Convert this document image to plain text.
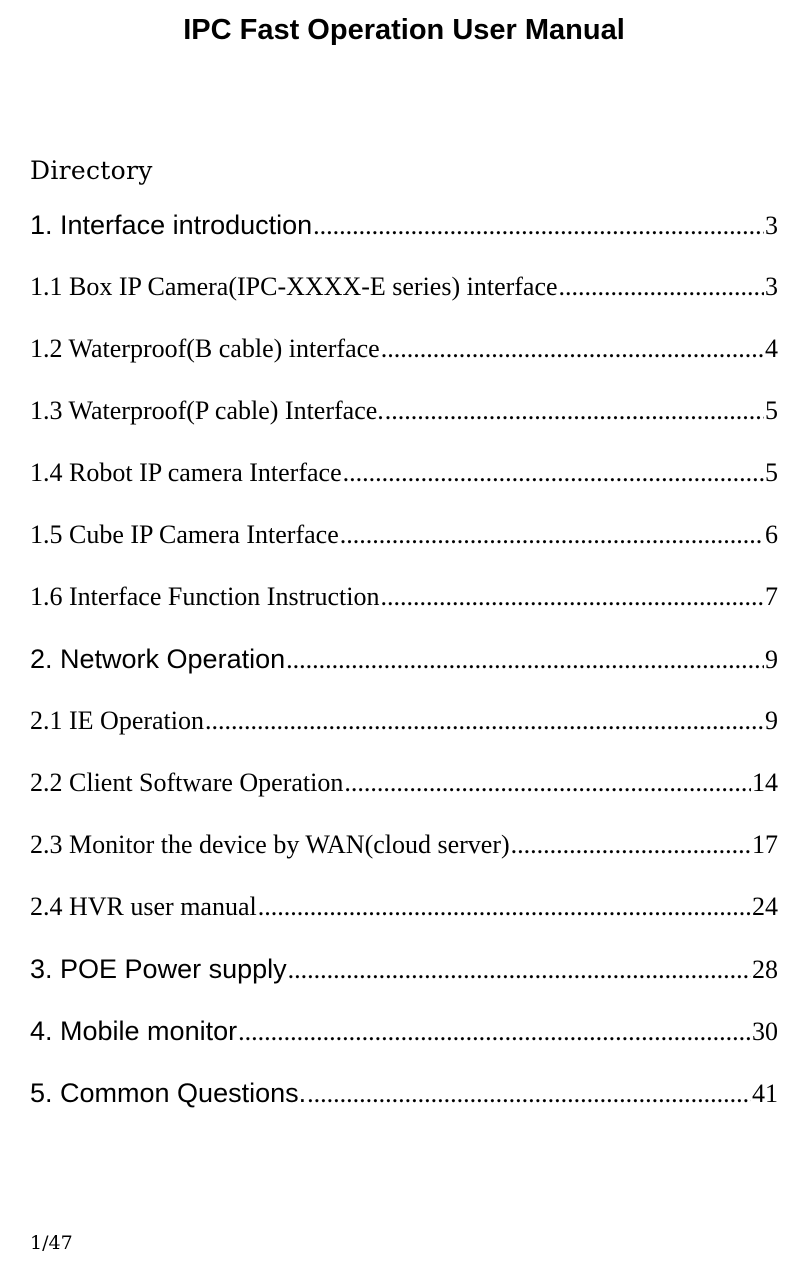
IPC Fast Operation User Manual
Directory
1. Interface introduction .....	3
1.1 Box IP Camera(IPC-XXXX-E series) interface .....	3
1.2 Waterproof(B cable) interface .....	4
1.3 Waterproof(P cable) Interface. .....	5
1.4 Robot IP camera Interface .....	5
1.5 Cube IP Camera Interface .....	6
1.6 Interface Function Instruction .....	7
2. Network Operation .....	9
2.1 IE Operation .....	9
2.2 Client Software Operation .....	14
2.3 Monitor the device by WAN(cloud server) .....	17
2.4 HVR user manual .....	24
3. POE Power supply .....	28
4. Mobile monitor .....	30
5. Common Questions. .....	41
1/47
